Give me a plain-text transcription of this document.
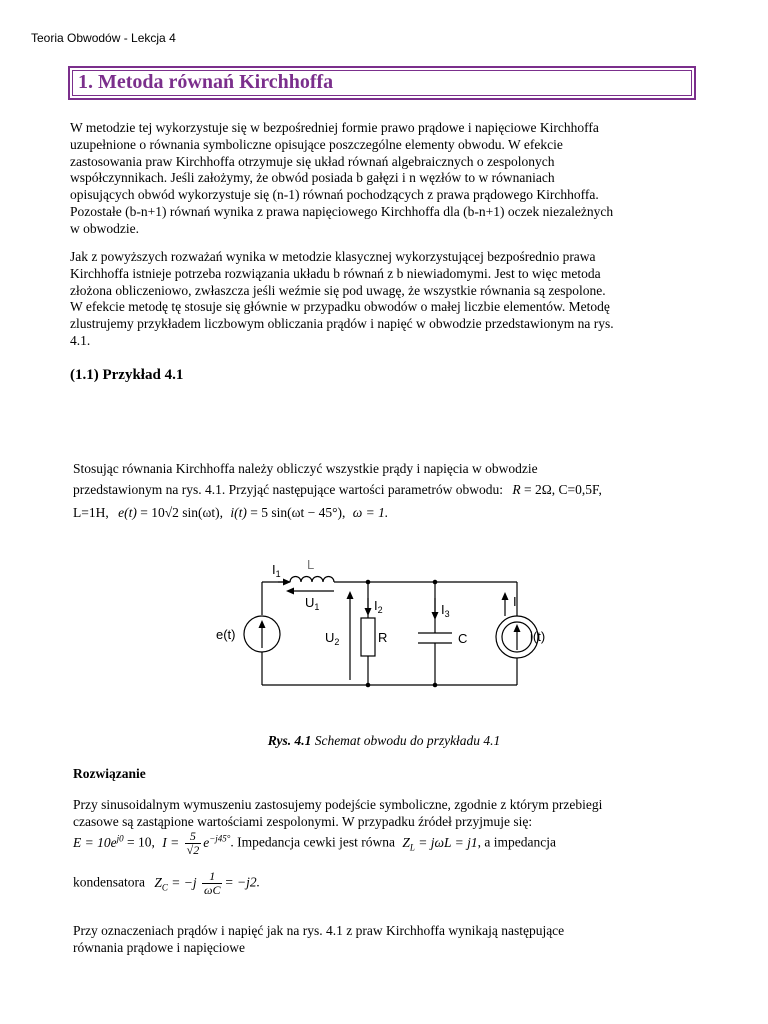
Teoria Obwodów - Lekcja 4
1. Metoda równań Kirchhoffa
W metodzie tej wykorzystuje się w bezpośredniej formie prawo prądowe i napięciowe Kirchhoffa
uzupełnione o równania symboliczne opisujące poszczególne elementy obwodu. W efekcie
zastosowania praw Kirchhoffa otrzymuje się układ równań algebraicznych o zespolonych
współczynnikach. Jeśli założymy, że obwód posiada b gałęzi i n węzłów to w równaniach
opisujących obwód wykorzystuje się (n-1) równań pochodzących z prawa prądowego Kirchhoffa.
Pozostałe (b-n+1) równań wynika z prawa napięciowego Kirchhoffa dla (b-n+1) oczek niezależnych
w obwodzie.
Jak z powyższych rozważań wynika w metodzie klasycznej wykorzystującej bezpośrednio prawa
Kirchhoffa istnieje potrzeba rozwiązania układu b równań z b niewiadomymi. Jest to więc metoda
złożona obliczeniowo, zwłaszcza jeśli weźmie się pod uwagę, że wszystkie równania są zespolone.
W efekcie metodę tę stosuje się głównie w przypadku obwodów o małej liczbie elementów. Metodę
zlustrujemy przykładem liczbowym obliczania prądów i napięć w obwodzie przedstawionym na rys.
4.1.
(1.1) Przykład 4.1
Stosując równania Kirchhoffa należy obliczyć wszystkie prądy i napięcia w obwodzie
przedstawionym na rys. 4.1. Przyjąć następujące wartości parametrów obwodu: R = 2Ω, C=0,5F,
L=1H, e(t) = 10√2 sin(ωt), i(t) = 5 sin(ωt − 45°), ω = 1.
$I_1$
L
$U_1$	$I_2$	$I_3$
I
e(t)	$U_2$	R	C	i(t)
Rys. 4.1 Schemat obwodu do przykładu 4.1
Rozwiązanie
Przy sinusoidalnym wymuszeniu zastosujemy podejście symboliczne, zgodnie z którym przebiegi
czasowe są zastąpione wartościami zespolonymi. W przypadku źródeł przyjmuje się:
$E = 10e^{j0} = 10$, $I = \frac{5}{√2} e^{-j45^\circ}$. Impedancja cewki jest równa $Z_L = j\omega L = j1$, a impedancja
kondensatora $Z_C = -j \frac{1}{\omega C} = -j2$.
Przy oznaczeniach prądów i napięć jak na rys. 4.1 z praw Kirchhoffa wynikają następujące
równania prądowe i napięciowe
